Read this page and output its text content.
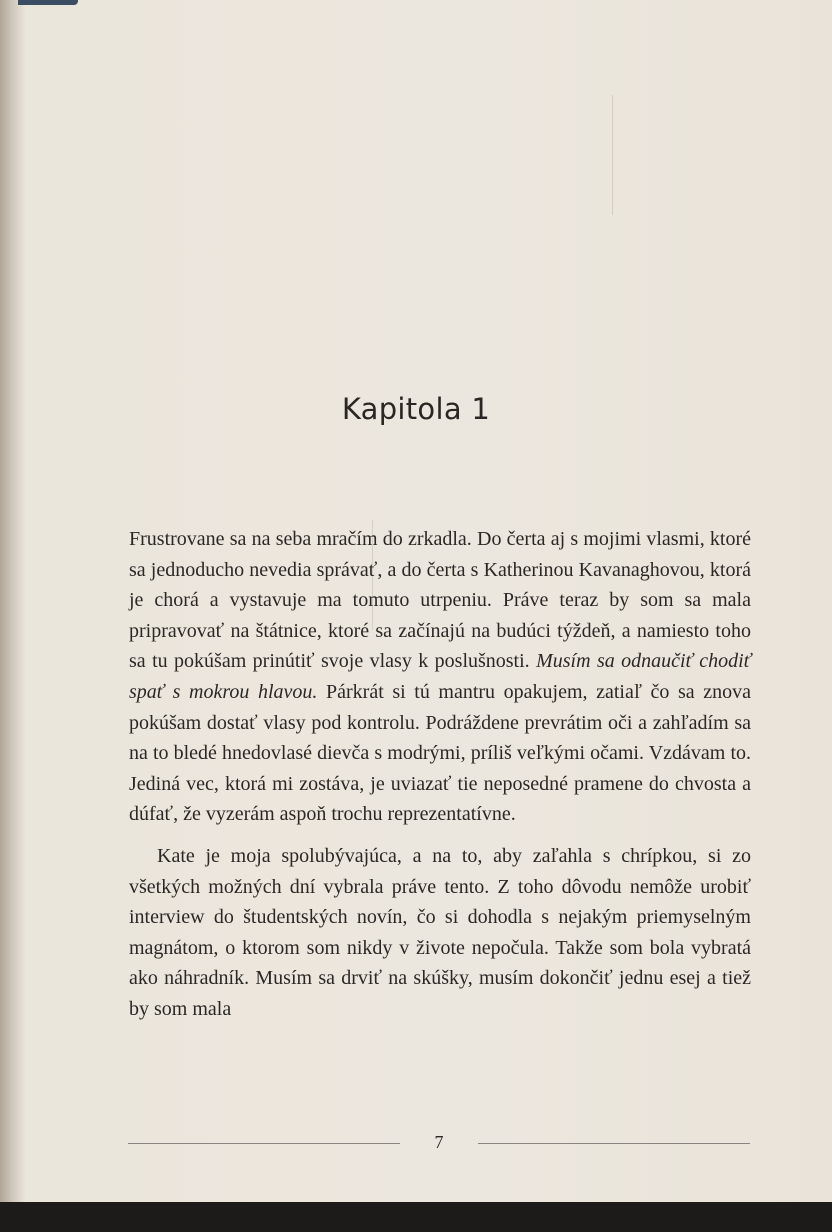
Kapitola 1

Frustrovane sa na seba mračím do zrkadla. Do čerta aj s mojimi vlasmi, ktoré sa jednoducho nevedia správať, a do čerta s Katherinou Kavanaghovou, ktorá je chorá a vystavuje ma tomuto utrpeniu. Práve teraz by som sa mala pripravovať na štátnice, ktoré sa začínajú na budúci týždeň, a namiesto toho sa tu pokúšam prinútiť svoje vlasy k poslušnosti. Musím sa odnaučiť chodiť spať s mokrou hlavou. Párkrát si tú mantru opakujem, zatiaľ čo sa znova pokúšam dostať vlasy pod kontrolu. Podráždene prevrátim oči a zahľadím sa na to bledé hnedovlasé dievča s modrými, príliš veľkými očami. Vzdávam to. Jediná vec, ktorá mi zostáva, je uviazať tie neposedné pramene do chvosta a dúfať, že vyzerám aspoň trochu reprezentatívne.

Kate je moja spolubývajúca, a na to, aby zaľahla s chrípkou, si zo všetkých možných dní vybrala práve tento. Z toho dôvodu nemôže urobiť interview do študentských novín, čo si dohodla s nejakým priemyselným magnátom, o ktorom som nikdy v živote nepočula. Takže som bola vybratá ako náhradník. Musím sa drviť na skúšky, musím dokončiť jednu esej a tiež by som mala

7
